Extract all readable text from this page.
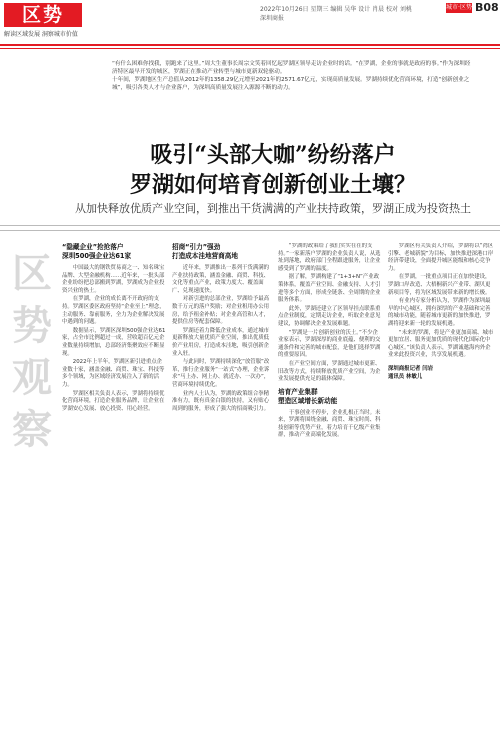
区势
解读区域发展 洞察城市价值
2022年10月26日 星期三 编辑 吴华 设计 肖晨 校对 刘桃
深圳商报
城市·区势 B08

“有什么困难你找我，别跑来了这里。”周大生董事长周宗文笑着回忆起罗湖区领导走访企业时的话。“在罗湖，企业的事就是政府的事。”作为深圳经济特区最早开发的城区，罗湖正在推动产业转型与城市更新双轮驱动。

十年间，罗湖地区生产总值从2012年的1358.29亿元增至2021年的2571.67亿元，实现高质量发展。罗湖持续优化营商环境，打造“创新创业之城”，吸引各类人才与企业落户，为深圳高质量发展注入源源不断的动力。

吸引“头部大咖”纷纷落户
罗湖如何培育创新创业土壤？
从加快释放优质产业空间，到推出干货满满的产业扶持政策，罗湖正成为投资热土
区势观察
“隐藏企业”抢抢落户
深圳500强企业达61家

中国最大的钢铁贸易商之一、知名珠宝品牌、大型金融机构……近年来，一批头部企业纷纷把总部搬到罗湖，罗湖成为企业投资兴业的热土。

在罗湖，企业的成长离不开政府的支持。罗湖区委区政府坚持“企业至上”理念，主动服务、靠前服务，全力为企业解决发展中遇到的问题。

数据显示，罗湖区深圳500强企业达61家，占全市比例超过一成，营收超百亿元企业数量持续增加，总部经济集聚效应不断显现。

2022年上半年，罗湖区新引进重点企业数十家，涵盖金融、商贸、珠宝、科技等多个领域，为区域经济发展注入了新的活力。

罗湖区相关负责人表示，罗湖将持续优化营商环境，打造企业服务品牌，让企业在罗湖安心发展、放心投资、用心经营。

招商“引力”强劲
打造成本洼地营商高地

近年来，罗湖推出一系列干货满满的产业扶持政策，涵盖金融、商贸、科技、文化等重点产业，政策力度大、覆盖面广、兑现速度快。

对新引进的总部企业，罗湖给予最高数千万元的落户奖励；对企业租用办公用房，给予租金补贴；对企业高管和人才，提供住房等配套保障。

罗湖还着力降低企业成本，通过城市更新释放大量优质产业空间，推出优质低价产业用房，打造成本洼地，吸引创新企业入驻。

与此同时，罗湖持续深化“放管服”改革，推行企业服务“一站式”办理，企业诉求“马上办、网上办、就近办、一次办”，营商环境持续优化。

业内人士认为，罗湖的政策组合拳精准有力，既有真金白银的扶持，又有贴心周到的服务，形成了强大的招商吸引力。

“罗湖的政策给了我们实实在在的支持。”一家新落户罗湖的企业负责人说，从选址到落地，政府部门全程跟进服务，让企业感受到了罗湖的温度。

据了解，罗湖构建了“1+3+N”产业政策体系，覆盖产业空间、金融支持、人才引进等多个方面，形成全链条、全周期的企业服务体系。

此外，罗湖还建立了区领导挂点联系重点企业制度，定期走访企业，听取企业意见建议，协调解决企业发展难题。

“罗湖是一片创新创业的沃土。”不少企业家表示，罗湖深厚的商业底蕴、便利的交通条件和完善的城市配套，是他们选择罗湖的重要原因。

在产业空间方面，罗湖通过城市更新、旧改等方式，持续释放优质产业空间，为企业发展提供充足的载体保障。

培育产业集群
塑造区域增长新动能

干事创业不停步，企业扎根正当时。未来，罗湖将围绕金融、商贸、珠宝时尚、科技创新等优势产业，着力培育千亿级产业集群，推动产业高端化发展。

罗湖区有关负责人介绍，罗湖将以“湾区引擎、老城新貌”为目标，加快推进深港口岸经济带建设，全面提升城区能级和核心竞争力。

在罗湖，一批重点项目正在加快建设，罗湖口岸改造、大梧桐新兴产业带、湖贝更新项目等，将为区域发展带来新的增长极。

有业内专家分析认为，罗湖作为深圳最早的中心城区，拥有深厚的产业基础和完善的城市功能，随着城市更新的加快推进，罗湖将迎来新一轮的发展机遇。

“未来的罗湖，将是产业更加高端、城市更加宜居、服务更加优质的现代化国际化中心城区。”该负责人表示，罗湖诚邀海内外企业来此投资兴业，共享发展机遇。

深圳商报记者 闫岩
通讯员 林敏儿
